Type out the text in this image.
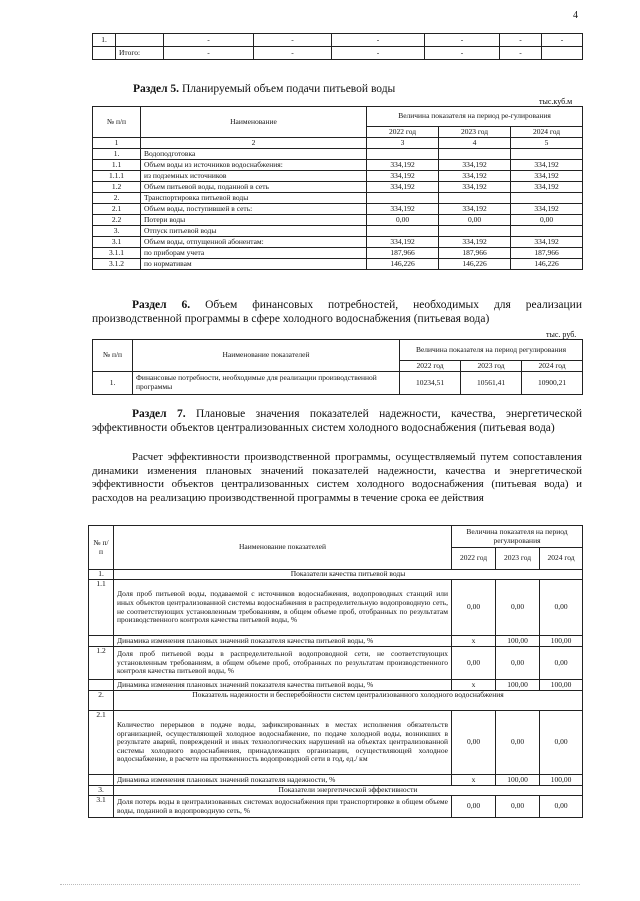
4
1.		-	-	-	-	-	-
	Итого:	-	-	-	-	-	
Раздел 5. Планируемый объем подачи питьевой воды
тыс.куб.м
№ п/п	Наименование	Величина показателя на период ре-гулирования		
		2022 год	2023 год	2024 год
1	2	3	4	5
1.	Водоподготовка			
1.1	Объем воды из источников водоснабжения:	334,192	334,192	334,192
1.1.1	из подземных источников	334,192	334,192	334,192
1.2	Объем питьевой воды, поданной в сеть	334,192	334,192	334,192
2.	Транспортировка питьевой воды			
2.1	Объем воды, поступившей в сеть:	334,192	334,192	334,192
2.2	Потери воды	0,00	0,00	0,00
3.	Отпуск питьевой воды			
3.1	Объем воды, отпущенной абонентам:	334,192	334,192	334,192
3.1.1	по приборам учета	187,966	187,966	187,966
3.1.2	по нормативам	146,226	146,226	146,226
Раздел 6. Объем финансовых потребностей, необходимых для реализации производственной программы в сфере холодного водоснабжения (питьевая вода)
тыс. руб.
№ п/п	Наименование показателей	Величина показателя на период регулирования		
		2022 год	2023 год	2024 год
1.	Финансовые потребности, необходимые для реализации производственной программы	10234,51	10561,41	10900,21
Раздел 7. Плановые значения показателей надежности, качества, энергетической эффективности объектов централизованных систем холодного водоснабжения (питьевая вода)
Расчет эффективности производственной программы, осуществляемый путем сопоставления динамики изменения плановых значений показателей надежности, качества и энергетической эффективности объектов централизованных систем холодного водоснабжения (питьевая вода) и расходов на реализацию производственной программы в течение срока ее действия
№ п/п	Наименование показателей	Величина показателя на период регулирования		
		2022 год	2023 год	2024 год
1.	Показатели качества питьевой воды			
1.1	Доля проб питьевой воды, подаваемой с источников водоснабжения, водопроводных станций или иных объектов централизованной системы водоснабжения в распределительную водопроводную сеть, не соответствующих установленным требованиям, в общем объеме проб, отобранных по результатам производственного контроля качества питьевой воды, %	0,00	0,00	0,00
	Динамика изменения плановых значений показателя качества питьевой воды, %	x	100,00	100,00
1.2	Доля проб питьевой воды в распределительной водопроводной сети, не соответствующих установленным требованиям, в общем объеме проб, отобранных по результатам производственного контроля качества питьевой воды, %	0,00	0,00	0,00
	Динамика изменения плановых значений показателя качества питьевой воды, %	x	100,00	100,00
2.	Показатель надежности и бесперебойности систем централизованного холодного водоснабжения			
2.1	Количество перерывов в подаче воды, зафиксированных в местах исполнения обязательств организацией, осуществляющей холодное водоснабжение, по подаче холодной воды, возникших в результате аварий, повреждений и иных технологических нарушений на объектах централизованной системы холодного водоснабжения, принадлежащих организации, осуществляющей холодное водоснабжение, в расчете на протяженность водопроводной сети в год, ед./ км	0,00	0,00	0,00
	Динамика изменения плановых значений показателя надежности, %	x	100,00	100,00
3.	Показатели энергетической эффективности			
3.1	Доля потерь воды в централизованных системах водоснабжения при транспортировке в общем объеме воды, поданной в водопроводную сеть, %	0,00	0,00	0,00
